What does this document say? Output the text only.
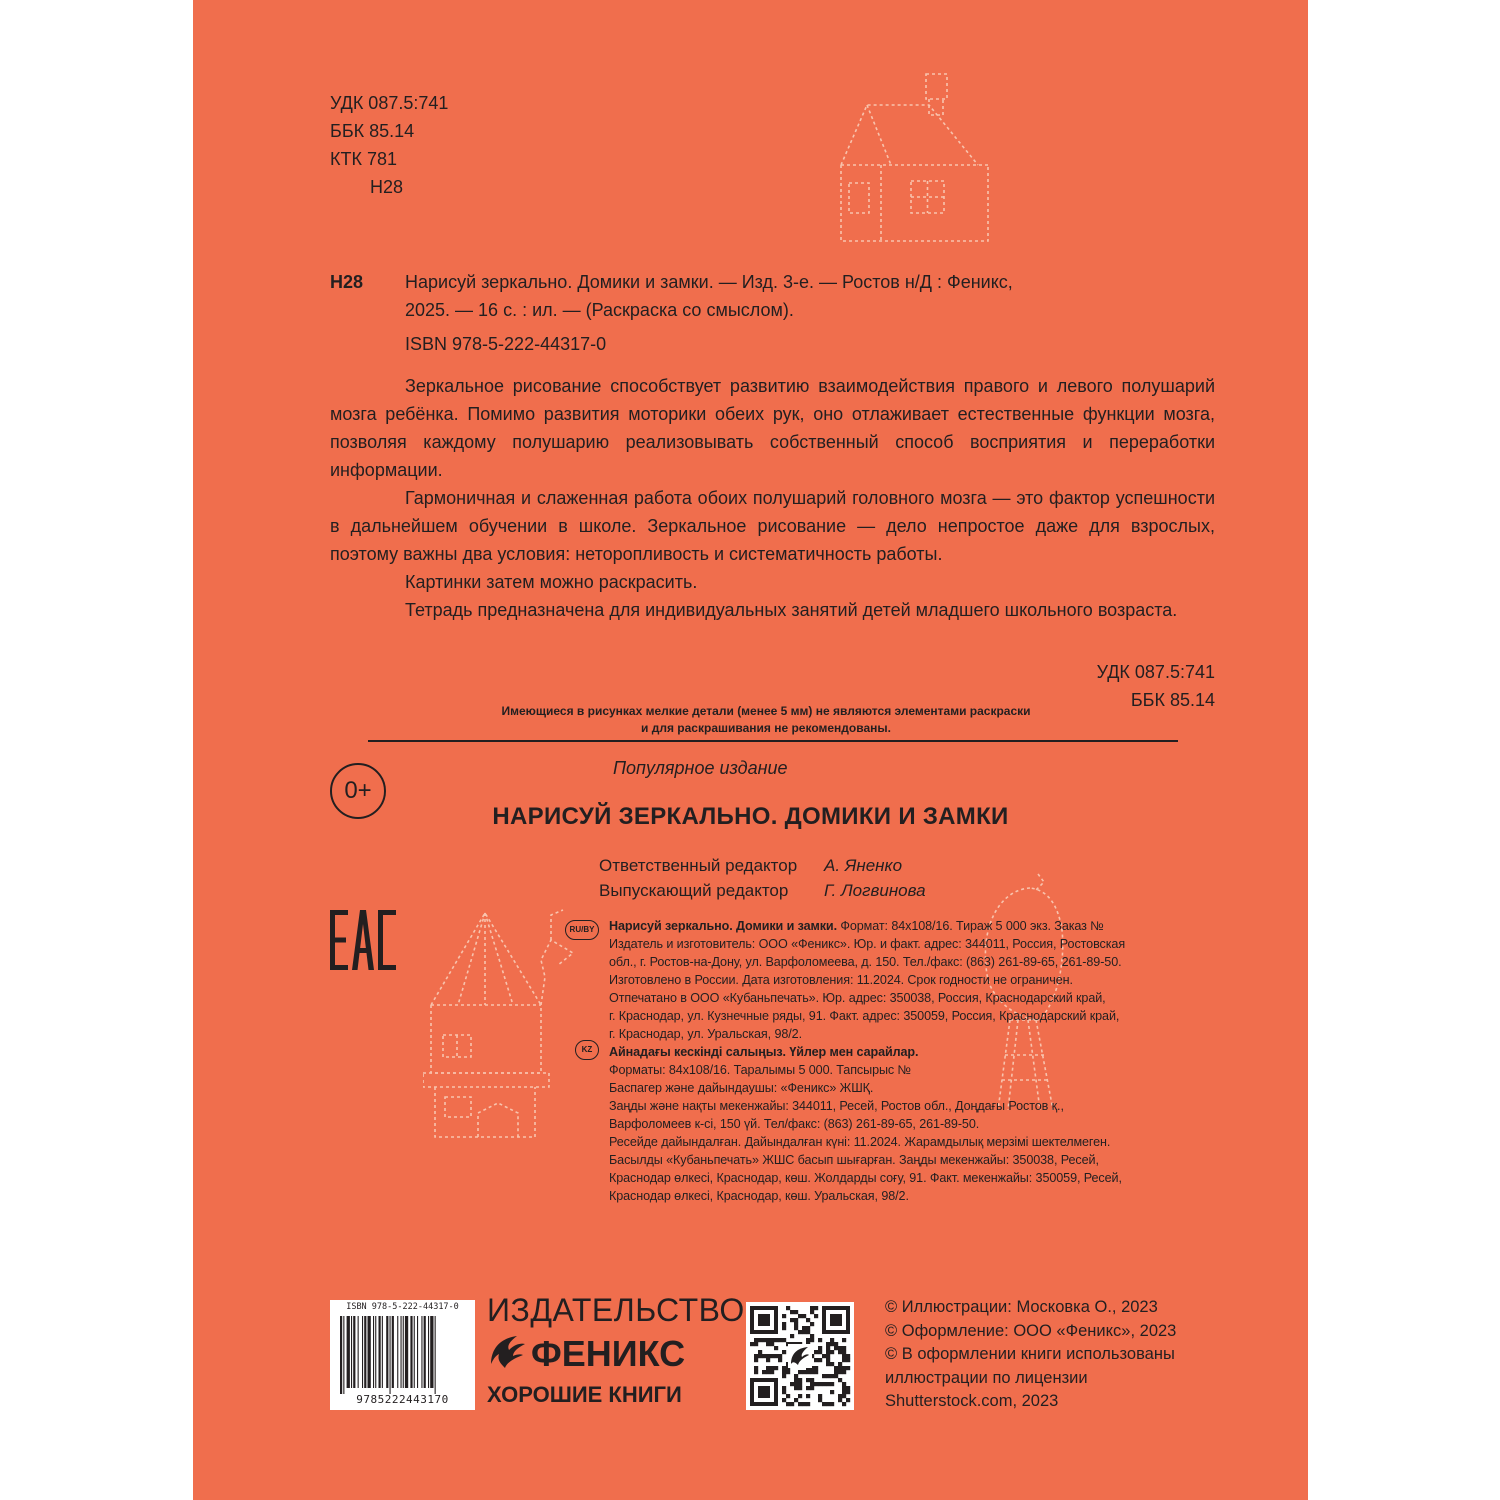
УДК 087.5:741
ББК 85.14
КТК 781
Н28
Н28 Нарисуй зеркально. Домики и замки. — Изд. 3-е. — Ростов н/Д : Феникс,
2025. — 16 с. : ил. — (Раскраска со смыслом).
ISBN 978-5-222-44317-0

Зеркальное рисование способствует развитию взаимодействия правого и левого полушарий мозга ребёнка. Помимо развития моторики обеих рук, оно отлаживает естественные функции мозга, позволяя каждому полушарию реализовывать собственный способ восприятия и переработки информации.

Гармоничная и слаженная работа обоих полушарий головного мозга — это фактор успешности в дальнейшем обучении в школе. Зеркальное рисование — дело непростое даже для взрослых, поэтому важны два условия: неторопливость и систематичность работы.

Картинки затем можно раскрасить.

Тетрадь предназначена для индивидуальных занятий детей младшего школьного возраста.

УДК 087.5:741
ББК 85.14
Имеющиеся в рисунках мелкие детали (менее 5 мм) не являются элементами раскраски
и для раскрашивания не рекомендованы.
0+
Популярное издание
НАРИСУЙ ЗЕРКАЛЬНО. ДОМИКИ И ЗАМКИ
Ответственный редактор А. Яненко
Выпускающий редактор Г. Логвинова
RU/BY
KZ
Нарисуй зеркально. Домики и замки. Формат: 84x108/16. Тираж 5 000 экз. Заказ №
Издатель и изготовитель: ООО «Феникс». Юр. и факт. адрес: 344011, Россия, Ростовская
обл., г. Ростов-на-Дону, ул. Варфоломеева, д. 150. Тел./факс: (863) 261-89-65, 261-89-50.
Изготовлено в России. Дата изготовления: 11.2024. Срок годности не ограничен.
Отпечатано в ООО «Кубаньпечать». Юр. адрес: 350038, Россия, Краснодарский край,
г. Краснодар, ул. Кузнечные ряды, 91. Факт. адрес: 350059, Россия, Краснодарский край,
г. Краснодар, ул. Уральская, 98/2.
Айнадағы кескінді салыңыз. Үйлер мен сарайлар.
Форматы: 84x108/16. Таралымы 5 000. Тапсырыс №
Баспагер және дайындаушы: «Феникс» ЖШҚ.
Заңды және нақты мекенжайы: 344011, Ресей, Ростов обл., Доңдағы Ростов қ.,
Варфоломеев к-сі, 150 үй. Тел/факс: (863) 261-89-65, 261-89-50.
Ресейде дайындалған. Дайындалған күні: 11.2024. Жарамдылық мерзімі шектелмеген.
Басылды «Кубаньпечать» ЖШС басып шығарған. Заңды мекенжайы: 350038, Ресей,
Краснодар өлкесі, Краснодар, көш. Жолдарды соғу, 91. Факт. мекенжайы: 350059, Ресей,
Краснодар өлкесі, Краснодар, көш. Уральская, 98/2.
ISBN 978-5-222-44317-0
9785222443170
ИЗДАТЕЛЬСТВО
ФЕНИКС
ХОРОШИЕ КНИГИ
© Иллюстрации: Московка О., 2023
© Оформление: ООО «Феникс», 2023
© В оформлении книги использованы
иллюстрации по лицензии
Shutterstock.com, 2023
